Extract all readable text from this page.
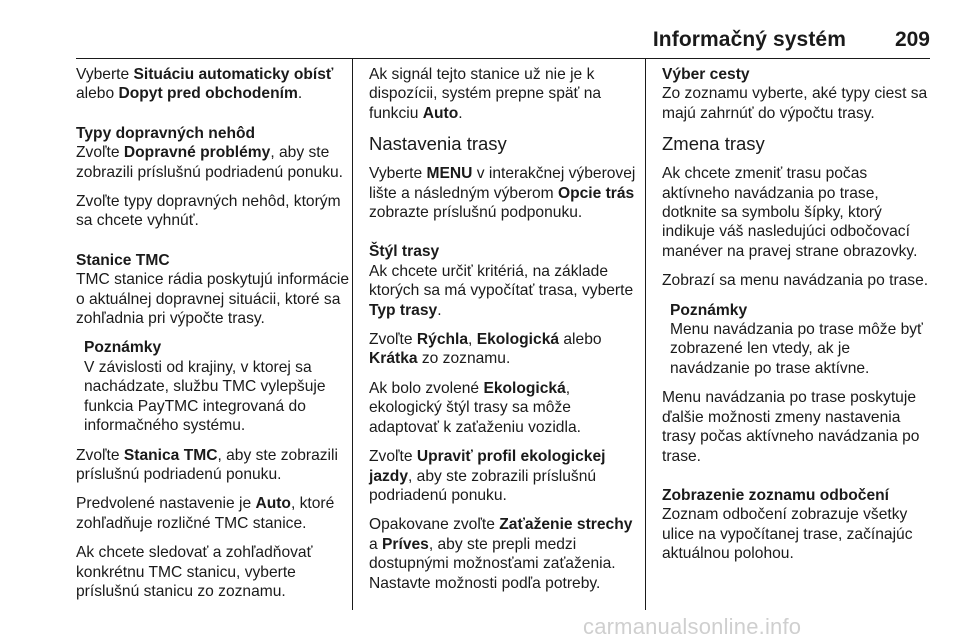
Informačný systém 209

Vyberte Situáciu automaticky obísť alebo Dopyt pred obchodením.

Typy dopravných nehôd

Zvoľte Dopravné problémy, aby ste zobrazili príslušnú podriadenú ponuku.

Zvoľte typy dopravných nehôd, ktorým sa chcete vyhnúť.

Stanice TMC

TMC stanice rádia poskytujú informácie o aktuálnej dopravnej situácii, ktoré sa zohľadnia pri výpočte trasy.

Poznámky
V závislosti od krajiny, v ktorej sa nachádzate, službu TMC vylepšuje funkcia PayTMC integrovaná do informačného systému.

Zvoľte Stanica TMC, aby ste zobrazili príslušnú podriadenú ponuku.

Predvolené nastavenie je Auto, ktoré zohľadňuje rozličné TMC stanice.

Ak chcete sledovať a zohľadňovať konkrétnu TMC stanicu, vyberte príslušnú stanicu zo zoznamu.

Ak signál tejto stanice už nie je k dispozícii, systém prepne späť na funkciu Auto.

Nastavenia trasy

Vyberte MENU v interakčnej výberovej lište a následným výberom Opcie trás zobrazte príslušnú podponuku.

Štýl trasy

Ak chcete určiť kritériá, na základe ktorých sa má vypočítať trasa, vyberte Typ trasy.

Zvoľte Rýchla, Ekologická alebo Krátka zo zoznamu.

Ak bolo zvolené Ekologická, ekologický štýl trasy sa môže adaptovať k zaťaženiu vozidla.

Zvoľte Upraviť profil ekologickej jazdy, aby ste zobrazili príslušnú podriadenú ponuku.

Opakovane zvoľte Zaťaženie strechy a Príves, aby ste prepli medzi dostupnými možnosťami zaťaženia. Nastavte možnosti podľa potreby.

Výber cesty

Zo zoznamu vyberte, aké typy ciest sa majú zahrnúť do výpočtu trasy.

Zmena trasy

Ak chcete zmeniť trasu počas aktívneho navádzania po trase, dotknite sa symbolu šípky, ktorý indikuje váš nasledujúci odbočovací manéver na pravej strane obrazovky.

Zobrazí sa menu navádzania po trase.

Poznámky
Menu navádzania po trase môže byť zobrazené len vtedy, ak je navádzanie po trase aktívne.

Menu navádzania po trase poskytuje ďalšie možnosti zmeny nastavenia trasy počas aktívneho navádzania po trase.

Zobrazenie zoznamu odbočení

Zoznam odbočení zobrazuje všetky ulice na vypočítanej trase, začínajúc aktuálnou polohou.

carmanualsonline.info
